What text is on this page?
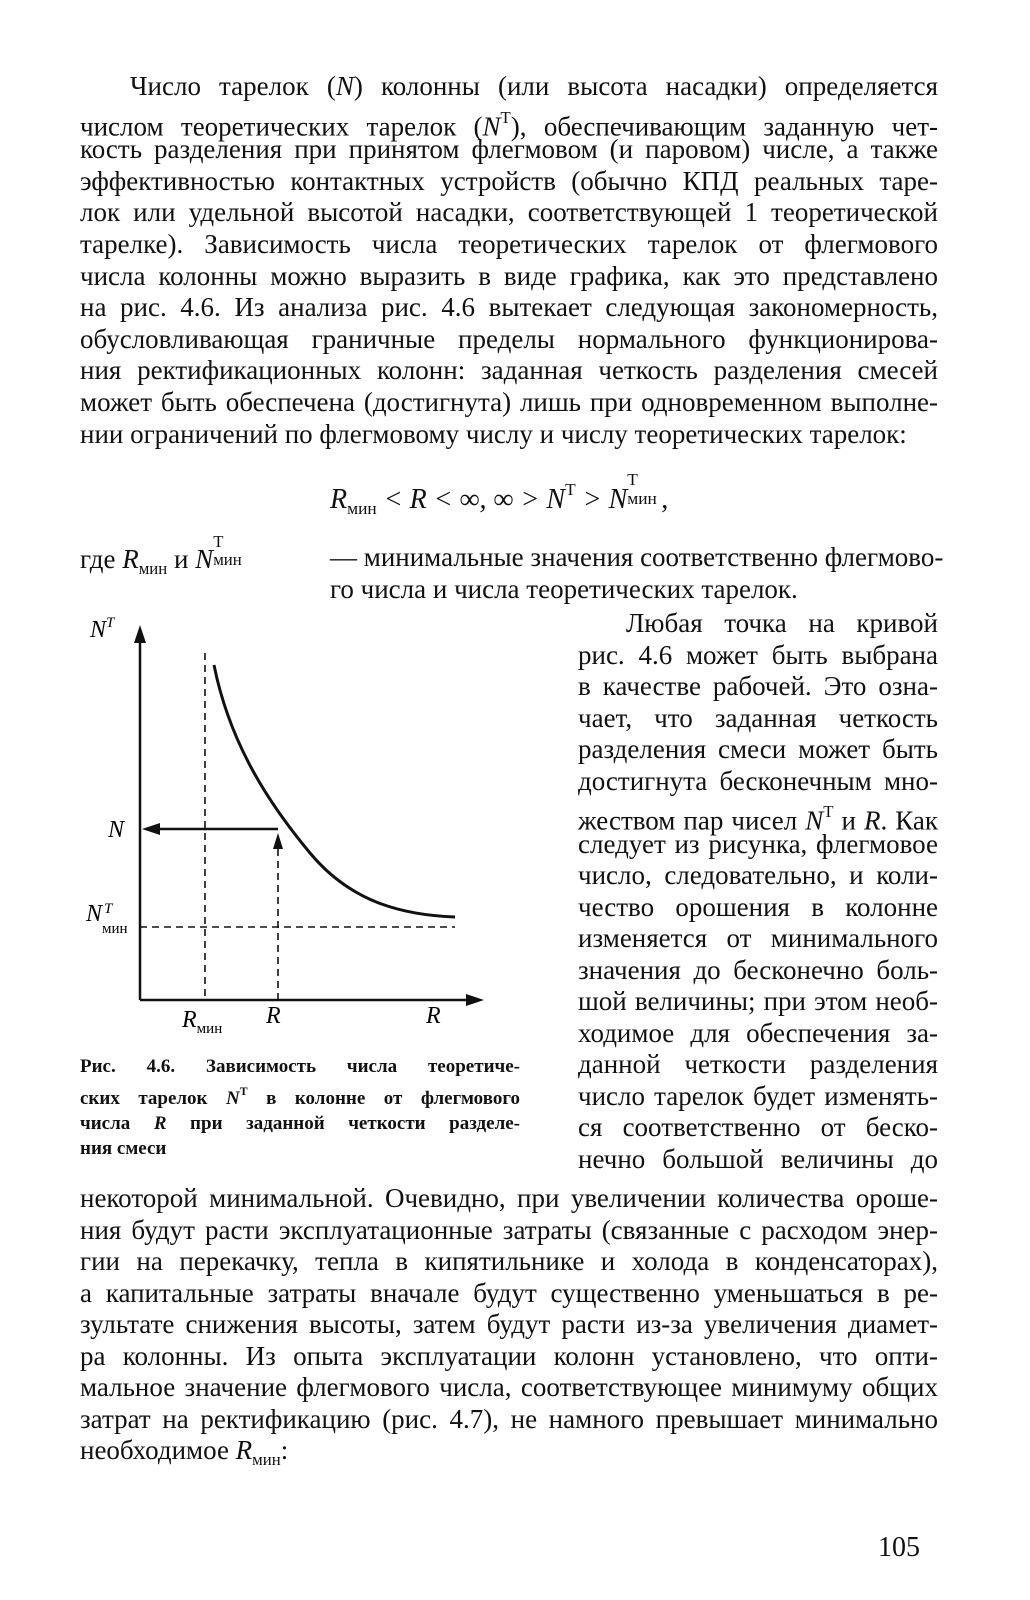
Число тарелок (N) колонны (или высота насадки) определяется
числом теоретических тарелок $(N^T)$, обеспечивающим заданную чет-
кость разделения при принятом флегмовом (и паровом) числе, а также
эффективностью контактных устройств (обычно КПД реальных таре-
лок или удельной высотой насадки, соответствующей 1 теоретической
тарелке). Зависимость числа теоретических тарелок от флегмового
числа колонны можно выразить в виде графика, как это представлено
на рис. 4.6. Из анализа рис. 4.6 вытекает следующая закономерность,
обусловливающая граничные пределы нормального функционирова-
ния ректификационных колонн: заданная четкость разделения смесей
может быть обеспечена (достигнута) лишь при одновременном выполне-
нии ограничений по флегмовому числу и числу теоретических тарелок:
$R_{мин} < R$ < ∞, ∞ > $N^Т > N$
Т
мин ,
где $R_{мин}$ и N
Т
мин	— минимальные значения соответственно флегмово-
го числа и числа теоретических тарелок.
$N^T$
N
N T
мин
$R_{мин}$ R	R
Рис. 4.6. Зависимость числа теоретиче-
ских тарелок $N^T$ в колонне от флегмового
числа R при заданной четкости разделе-
ния смеси
Любая точка на кривой
рис. 4.6 может быть выбрана
в качестве рабочей. Это озна-
чает, что заданная четкость
разделения смеси может быть
достигнута бесконечным мно-
жеством пар чисел $N^T$ и R. Как
следует из рисунка, флегмовое
число, следовательно, и коли-
чество орошения в колонне
изменяется от минимального
значения до бесконечно боль-
шой величины; при этом необ-
ходимое для обеспечения за-
данной четкости разделения
число тарелок будет изменять-
ся соответственно от беско-
нечно большой величины до
некоторой минимальной. Очевидно, при увеличении количества ороше-
ния будут расти эксплуатационные затраты (связанные с расходом энер-
гии на перекачку, тепла в кипятильнике и холода в конденсаторах),
а капитальные затраты вначале будут существенно уменьшаться в ре-
зультате снижения высоты, затем будут расти из-за увеличения диамет-
ра колонны. Из опыта эксплуатации колонн установлено, что опти-
мальное значение флегмового числа, соответствующее минимуму общих
затрат на ректификацию (рис. 4.7), не намного превышает минимально
необходимое $R_{мин}$:
105
